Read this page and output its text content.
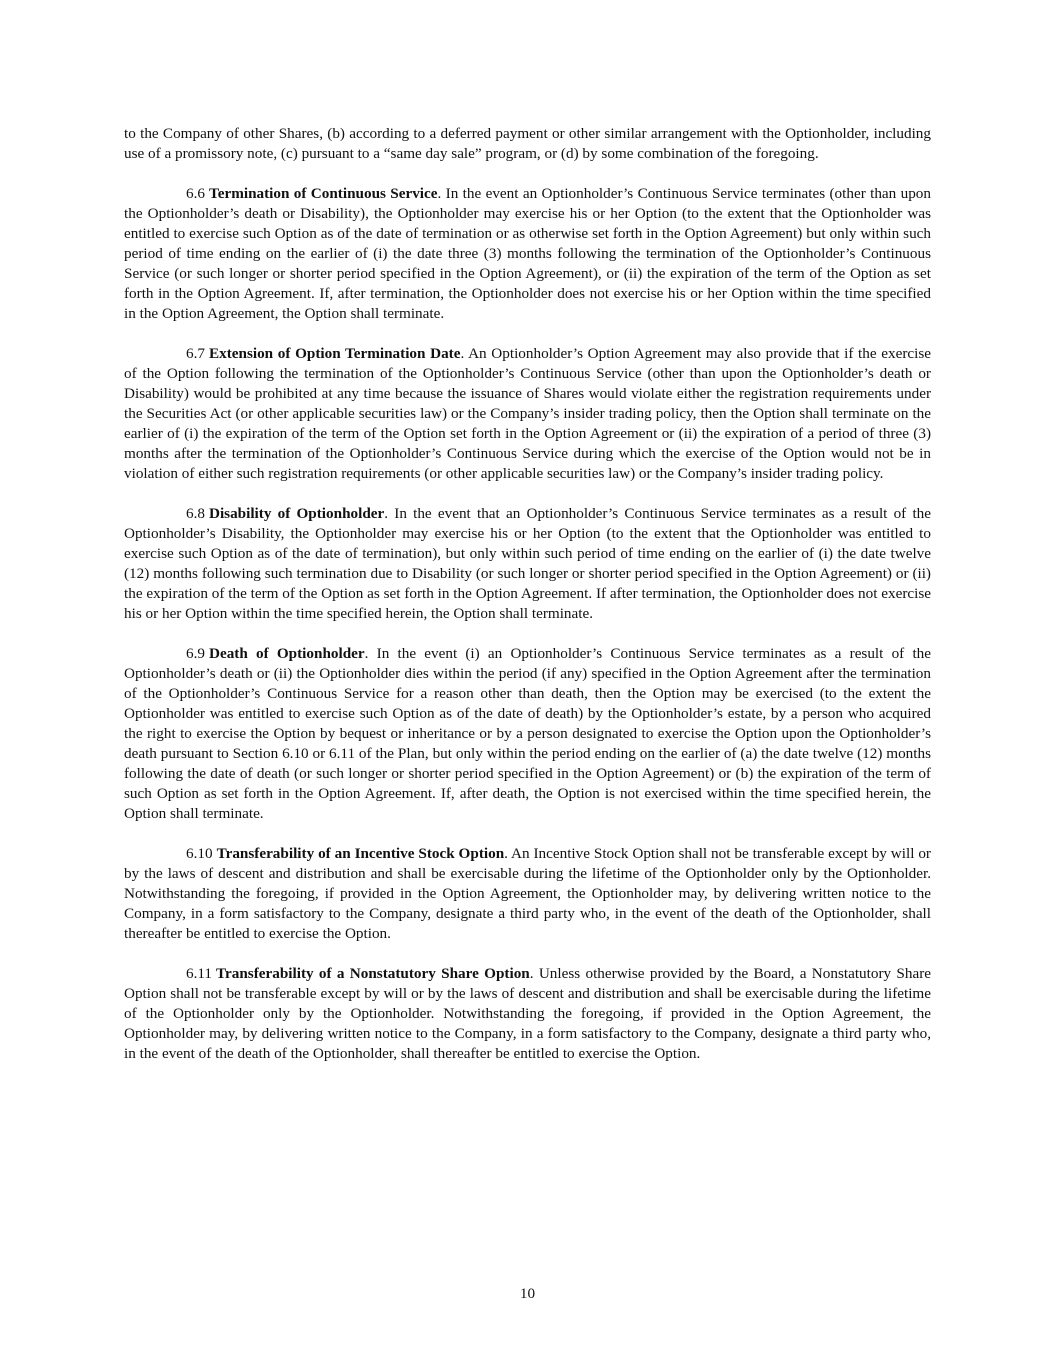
to the Company of other Shares, (b) according to a deferred payment or other similar arrangement with the Optionholder, including use of a promissory note, (c) pursuant to a “same day sale” program, or (d) by some combination of the foregoing.

6.6 Termination of Continuous Service. In the event an Optionholder’s Continuous Service terminates (other than upon the Optionholder’s death or Disability), the Optionholder may exercise his or her Option (to the extent that the Optionholder was entitled to exercise such Option as of the date of termination or as otherwise set forth in the Option Agreement) but only within such period of time ending on the earlier of (i) the date three (3) months following the termination of the Optionholder’s Continuous Service (or such longer or shorter period specified in the Option Agreement), or (ii) the expiration of the term of the Option as set forth in the Option Agreement. If, after termination, the Optionholder does not exercise his or her Option within the time specified in the Option Agreement, the Option shall terminate.

6.7 Extension of Option Termination Date. An Optionholder’s Option Agreement may also provide that if the exercise of the Option following the termination of the Optionholder’s Continuous Service (other than upon the Optionholder’s death or Disability) would be prohibited at any time because the issuance of Shares would violate either the registration requirements under the Securities Act (or other applicable securities law) or the Company’s insider trading policy, then the Option shall terminate on the earlier of (i) the expiration of the term of the Option set forth in the Option Agreement or (ii) the expiration of a period of three (3) months after the termination of the Optionholder’s Continuous Service during which the exercise of the Option would not be in violation of either such registration requirements (or other applicable securities law) or the Company’s insider trading policy.

6.8 Disability of Optionholder. In the event that an Optionholder’s Continuous Service terminates as a result of the Optionholder’s Disability, the Optionholder may exercise his or her Option (to the extent that the Optionholder was entitled to exercise such Option as of the date of termination), but only within such period of time ending on the earlier of (i) the date twelve (12) months following such termination due to Disability (or such longer or shorter period specified in the Option Agreement) or (ii) the expiration of the term of the Option as set forth in the Option Agreement. If after termination, the Optionholder does not exercise his or her Option within the time specified herein, the Option shall terminate.

6.9 Death of Optionholder. In the event (i) an Optionholder’s Continuous Service terminates as a result of the Optionholder’s death or (ii) the Optionholder dies within the period (if any) specified in the Option Agreement after the termination of the Optionholder’s Continuous Service for a reason other than death, then the Option may be exercised (to the extent the Optionholder was entitled to exercise such Option as of the date of death) by the Optionholder’s estate, by a person who acquired the right to exercise the Option by bequest or inheritance or by a person designated to exercise the Option upon the Optionholder’s death pursuant to Section 6.10 or 6.11 of the Plan, but only within the period ending on the earlier of (a) the date twelve (12) months following the date of death (or such longer or shorter period specified in the Option Agreement) or (b) the expiration of the term of such Option as set forth in the Option Agreement. If, after death, the Option is not exercised within the time specified herein, the Option shall terminate.

6.10 Transferability of an Incentive Stock Option. An Incentive Stock Option shall not be transferable except by will or by the laws of descent and distribution and shall be exercisable during the lifetime of the Optionholder only by the Optionholder. Notwithstanding the foregoing, if provided in the Option Agreement, the Optionholder may, by delivering written notice to the Company, in a form satisfactory to the Company, designate a third party who, in the event of the death of the Optionholder, shall thereafter be entitled to exercise the Option.

6.11 Transferability of a Nonstatutory Share Option. Unless otherwise provided by the Board, a Nonstatutory Share Option shall not be transferable except by will or by the laws of descent and distribution and shall be exercisable during the lifetime of the Optionholder only by the Optionholder. Notwithstanding the foregoing, if provided in the Option Agreement, the Optionholder may, by delivering written notice to the Company, in a form satisfactory to the Company, designate a third party who, in the event of the death of the Optionholder, shall thereafter be entitled to exercise the Option.

10
